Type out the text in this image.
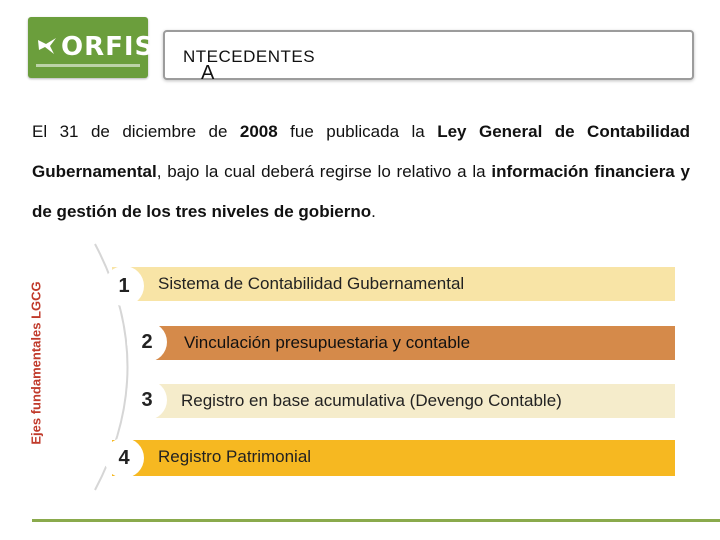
ORFIS
A
NTECEDENTES
El 31 de diciembre de 2008 fue publicada la Ley General de Contabilidad Gubernamental, bajo la cual deberá regirse lo relativo a la información financiera y de gestión de los tres niveles de gobierno.
Ejes fundamentales LGCG	Sistema de Contabilidad Gubernamental
1
Vinculación presupuestaria y contable
2
Registro en base acumulativa (Devengo Contable)
3
Registro Patrimonial
4
